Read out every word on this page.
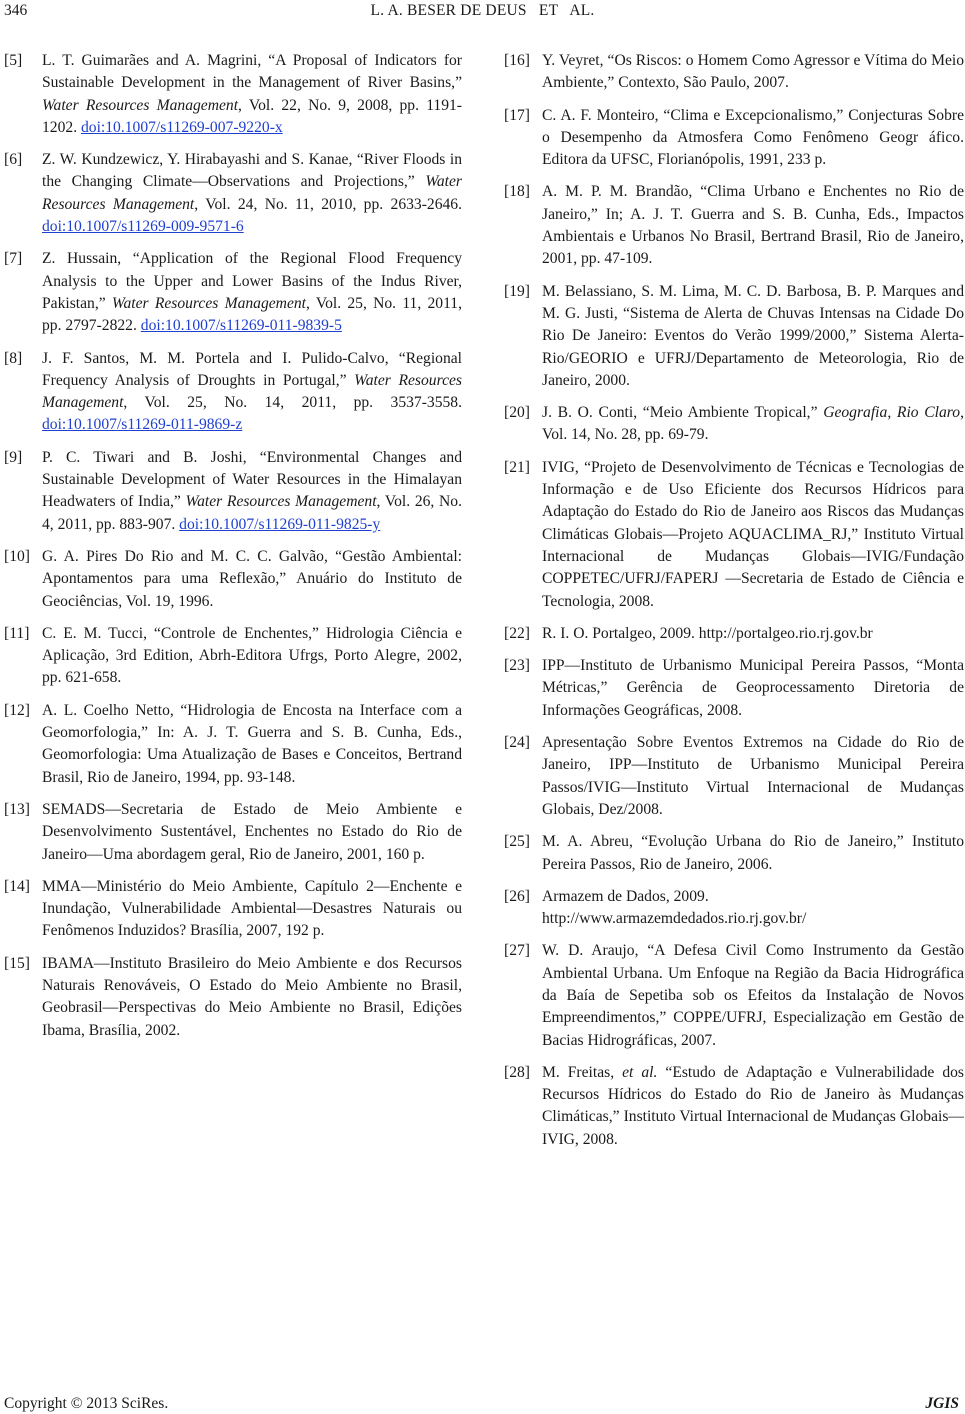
346	L. A. BESER DE DEUS   ET   AL.
[5]	L. T. Guimarães and A. Magrini, “A Proposal of Indicators for Sustainable Development in the Management of River Basins,” Water Resources Management, Vol. 22, No. 9, 2008, pp. 1191-1202. doi:10.1007/s11269-007-9220-x
[6]	Z. W. Kundzewicz, Y. Hirabayashi and S. Kanae, “River Floods in the Changing Climate—Observations and Projections,” Water Resources Management, Vol. 24, No. 11, 2010, pp. 2633-2646. doi:10.1007/s11269-009-9571-6
[7]	Z. Hussain, “Application of the Regional Flood Frequency Analysis to the Upper and Lower Basins of the Indus River, Pakistan,” Water Resources Management, Vol. 25, No. 11, 2011, pp. 2797-2822. doi:10.1007/s11269-011-9839-5
[8]	J. F. Santos, M. M. Portela and I. Pulido-Calvo, “Regional Frequency Analysis of Droughts in Portugal,” Water Resources Management, Vol. 25, No. 14, 2011, pp. 3537-3558. doi:10.1007/s11269-011-9869-z
[9]	P. C. Tiwari and B. Joshi, “Environmental Changes and Sustainable Development of Water Resources in the Himalayan Headwaters of India,” Water Resources Management, Vol. 26, No. 4, 2011, pp. 883-907. doi:10.1007/s11269-011-9825-y
[10] G. A. Pires Do Rio and M. C. C. Galvão, “Gestão Ambiental: Apontamentos para uma Reflexão,” Anuário do Instituto de Geociências, Vol. 19, 1996.
[11] C. E. M. Tucci, “Controle de Enchentes,” Hidrologia Ciência e Aplicação, 3rd Edition, Abrh-Editora Ufrgs, Porto Alegre, 2002, pp. 621-658.
[12] A. L. Coelho Netto, “Hidrologia de Encosta na Interface com a Geomorfologia,” In: A. J. T. Guerra and S. B. Cunha, Eds., Geomorfologia: Uma Atualização de Bases e Conceitos, Bertrand Brasil, Rio de Janeiro, 1994, pp. 93-148.
[13] SEMADS—Secretaria de Estado de Meio Ambiente e Desenvolvimento Sustentável, Enchentes no Estado do Rio de Janeiro—Uma abordagem geral, Rio de Janeiro, 2001, 160 p.
[14] MMA—Ministério do Meio Ambiente, Capítulo 2—Enchente e Inundação, Vulnerabilidade Ambiental—Desastres Naturais ou Fenômenos Induzidos? Brasília, 2007, 192 p.
[15] IBAMA—Instituto Brasileiro do Meio Ambiente e dos Recursos Naturais Renováveis, O Estado do Meio Ambiente no Brasil, Geobrasil—Perspectivas do Meio Ambiente no Brasil, Edições Ibama, Brasília, 2002.
[16] Y. Veyret, “Os Riscos: o Homem Como Agressor e Vítima do Meio Ambiente,” Contexto, São Paulo, 2007.
[17] C. A. F. Monteiro, “Clima e Excepcionalismo,” Conjecturas Sobre o Desempenho da Atmosfera Como Fenômeno Geogr áfico. Editora da UFSC, Florianópolis, 1991, 233 p.
[18] A. M. P. M. Brandão, “Clima Urbano e Enchentes no Rio de Janeiro,” In; A. J. T. Guerra and S. B. Cunha, Eds., Impactos Ambientais e Urbanos No Brasil, Bertrand Brasil, Rio de Janeiro, 2001, pp. 47-109.
[19] M. Belassiano, S. M. Lima, M. C. D. Barbosa, B. P. Marques and M. G. Justi, “Sistema de Alerta de Chuvas Intensas na Cidade Do Rio De Janeiro: Eventos do Verão 1999/2000,” Sistema Alerta-Rio/GEORIO e UFRJ/Departamento de Meteorologia, Rio de Janeiro, 2000.
[20] J. B. O. Conti, “Meio Ambiente Tropical,” Geografia, Rio Claro, Vol. 14, No. 28, pp. 69-79.
[21] IVIG, “Projeto de Desenvolvimento de Técnicas e Tecnologias de Informação e de Uso Eficiente dos Recursos Hídricos para Adaptação do Estado do Rio de Janeiro aos Riscos das Mudanças Climáticas Globais—Projeto AQUACLIMA_RJ,” Instituto Virtual Internacional de Mudanças Globais—IVIG/Fundação COPPETEC/UFRJ/FAPERJ —Secretaria de Estado de Ciência e Tecnologia, 2008.
[22] R. I. O. Portalgeo, 2009. http://portalgeo.rio.rj.gov.br
[23] IPP—Instituto de Urbanismo Municipal Pereira Passos, “Monta Métricas,” Gerência de Geoprocessamento Diretoria de Informações Geográficas, 2008.
[24] Apresentação Sobre Eventos Extremos na Cidade do Rio de Janeiro, IPP—Instituto de Urbanismo Municipal Pereira Passos/IVIG—Instituto Virtual Internacional de Mudanças Globais, Dez/2008.
[25] M. A. Abreu, “Evolução Urbana do Rio de Janeiro,” Instituto Pereira Passos, Rio de Janeiro, 2006.
[26] Armazem de Dados, 2009.
http://www.armazemdedados.rio.rj.gov.br/
[27] W. D. Araujo, “A Defesa Civil Como Instrumento da Gestão Ambiental Urbana. Um Enfoque na Região da Bacia Hidrográfica da Baía de Sepetiba sob os Efeitos da Instalação de Novos Empreendimentos,” COPPE/UFRJ, Especialização em Gestão de Bacias Hidrográficas, 2007.
[28] M. Freitas, et al. “Estudo de Adaptação e Vulnerabilidade dos Recursos Hídricos do Estado do Rio de Janeiro às Mudanças Climáticas,” Instituto Virtual Internacional de Mudanças Globais—IVIG, 2008.
Copyright © 2013 SciRes.	JGIS
